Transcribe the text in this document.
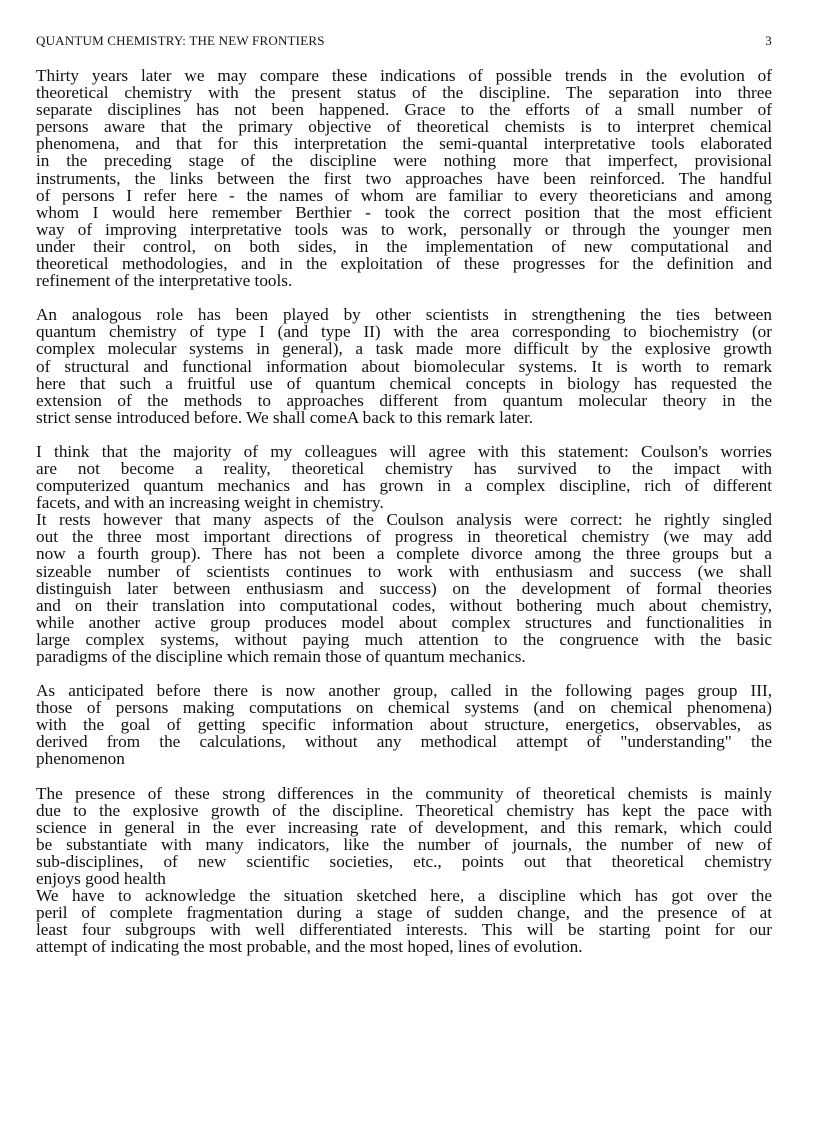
QUANTUM CHEMISTRY: THE NEW FRONTIERS	3
Thirty years later we may compare these indications of possible trends in the evolution of
theoretical chemistry with the present status of the discipline. The separation into three
separate disciplines has not been happened. Grace to the efforts of a small number of
persons aware that the primary objective of theoretical chemists is to interpret chemical
phenomena, and that for this interpretation the semi-quantal interpretative tools elaborated
in the preceding stage of the discipline were nothing more that imperfect, provisional
instruments, the links between the first two approaches have been reinforced. The handful
of persons I refer here - the names of whom are familiar to every theoreticians and among
whom I would here remember Berthier - took the correct position that the most efficient
way of improving interpretative tools was to work, personally or through the younger men
under their control, on both sides, in the implementation of new computational and
theoretical methodologies, and in the exploitation of these progresses for the definition and
refinement of the interpretative tools.
An analogous role has been played by other scientists in strengthening the ties between
quantum chemistry of type I (and type II) with the area corresponding to biochemistry (or
complex molecular systems in general), a task made more difficult by the explosive growth
of structural and functional information about biomolecular systems. It is worth to remark
here that such a fruitful use of quantum chemical concepts in biology has requested the
extension of the methods to approaches different from quantum molecular theory in the
strict sense introduced before. We shall comeA back to this remark later.
I think that the majority of my colleagues will agree with this statement: Coulson's worries
are not become a reality, theoretical chemistry has survived to the impact with
computerized quantum mechanics and has grown in a complex discipline, rich of different
facets, and with an increasing weight in chemistry.
It rests however that many aspects of the Coulson analysis were correct: he rightly singled
out the three most important directions of progress in theoretical chemistry (we may add
now a fourth group). There has not been a complete divorce among the three groups but a
sizeable number of scientists continues to work with enthusiasm and success (we shall
distinguish later between enthusiasm and success) on the development of formal theories
and on their translation into computational codes, without bothering much about chemistry,
while another active group produces model about complex structures and functionalities in
large complex systems, without paying much attention to the congruence with the basic
paradigms of the discipline which remain those of quantum mechanics.
As anticipated before there is now another group, called in the following pages group III,
those of persons making computations on chemical systems (and on chemical phenomena)
with the goal of getting specific information about structure, energetics, observables, as
derived from the calculations, without any methodical attempt of "understanding" the
phenomenon
The presence of these strong differences in the community of theoretical chemists is mainly
due to the explosive growth of the discipline. Theoretical chemistry has kept the pace with
science in general in the ever increasing rate of development, and this remark, which could
be substantiate with many indicators, like the number of journals, the number of new of
sub-disciplines, of new scientific societies, etc., points out that theoretical chemistry
enjoys good health
We have to acknowledge the situation sketched here, a discipline which has got over the
peril of complete fragmentation during a stage of sudden change, and the presence of at
least four subgroups with well differentiated interests. This will be starting point for our
attempt of indicating the most probable, and the most hoped, lines of evolution.
